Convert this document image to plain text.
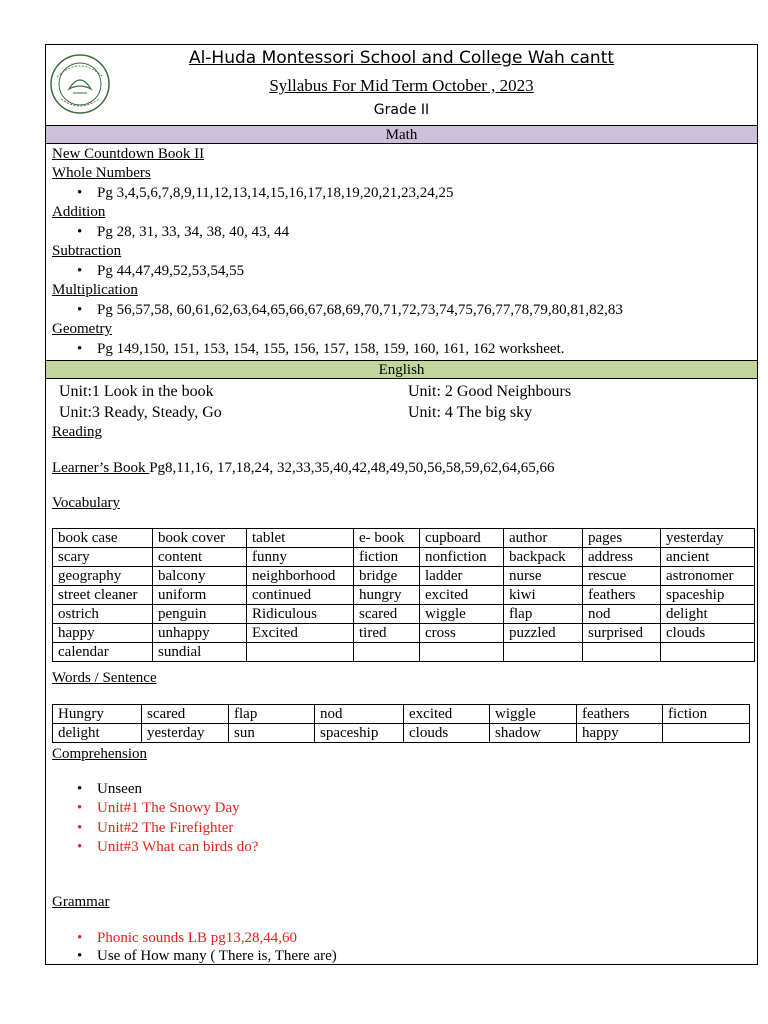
Al-Huda Montessori School and College Wah cantt
Syllabus For Mid Term October , 2023
Grade II
Math
New Countdown Book II
Whole Numbers
• Pg 3,4,5,6,7,8,9,11,12,13,14,15,16,17,18,19,20,21,23,24,25
Addition
• Pg 28, 31, 33, 34, 38, 40, 43, 44
Subtraction
• Pg 44,47,49,52,53,54,55
Multiplication
• Pg 56,57,58, 60,61,62,63,64,65,66,67,68,69,70,71,72,73,74,75,76,77,78,79,80,81,82,83
Geometry
• Pg 149,150, 151, 153, 154, 155, 156, 157, 158, 159, 160, 161, 162 worksheet.
English
Unit:1 Look in the book	Unit: 2 Good Neighbours
Unit:3 Ready, Steady, Go	Unit: 4 The big sky
Reading
Learner’s Book Pg8,11,16, 17,18,24, 32,33,35,40,42,48,49,50,56,58,59,62,64,65,66
Vocabulary
book case	book cover	tablet	e- book	cupboard	author	pages	yesterday
scary	content	funny	fiction	nonfiction	backpack	address	ancient
geography	balcony	neighborhood	bridge	ladder	nurse	rescue	astronomer
street cleaner	uniform	continued	hungry	excited	kiwi	feathers	spaceship
ostrich	penguin	Ridiculous	scared	wiggle	flap	nod	delight
happy	unhappy	Excited	tired	cross	puzzled	surprised	clouds
calendar	sundial						
Words / Sentence
Hungry	scared	flap	nod	excited	wiggle	feathers	fiction
delight	yesterday	sun	spaceship	clouds	shadow	happy	
Comprehension
• Unseen
• Unit#1 The Snowy Day
• Unit#2 The Firefighter
• Unit#3 What can birds do?
Grammar
• Phonic sounds LB pg13,28,44,60
• Use of How many ( There is, There are)
